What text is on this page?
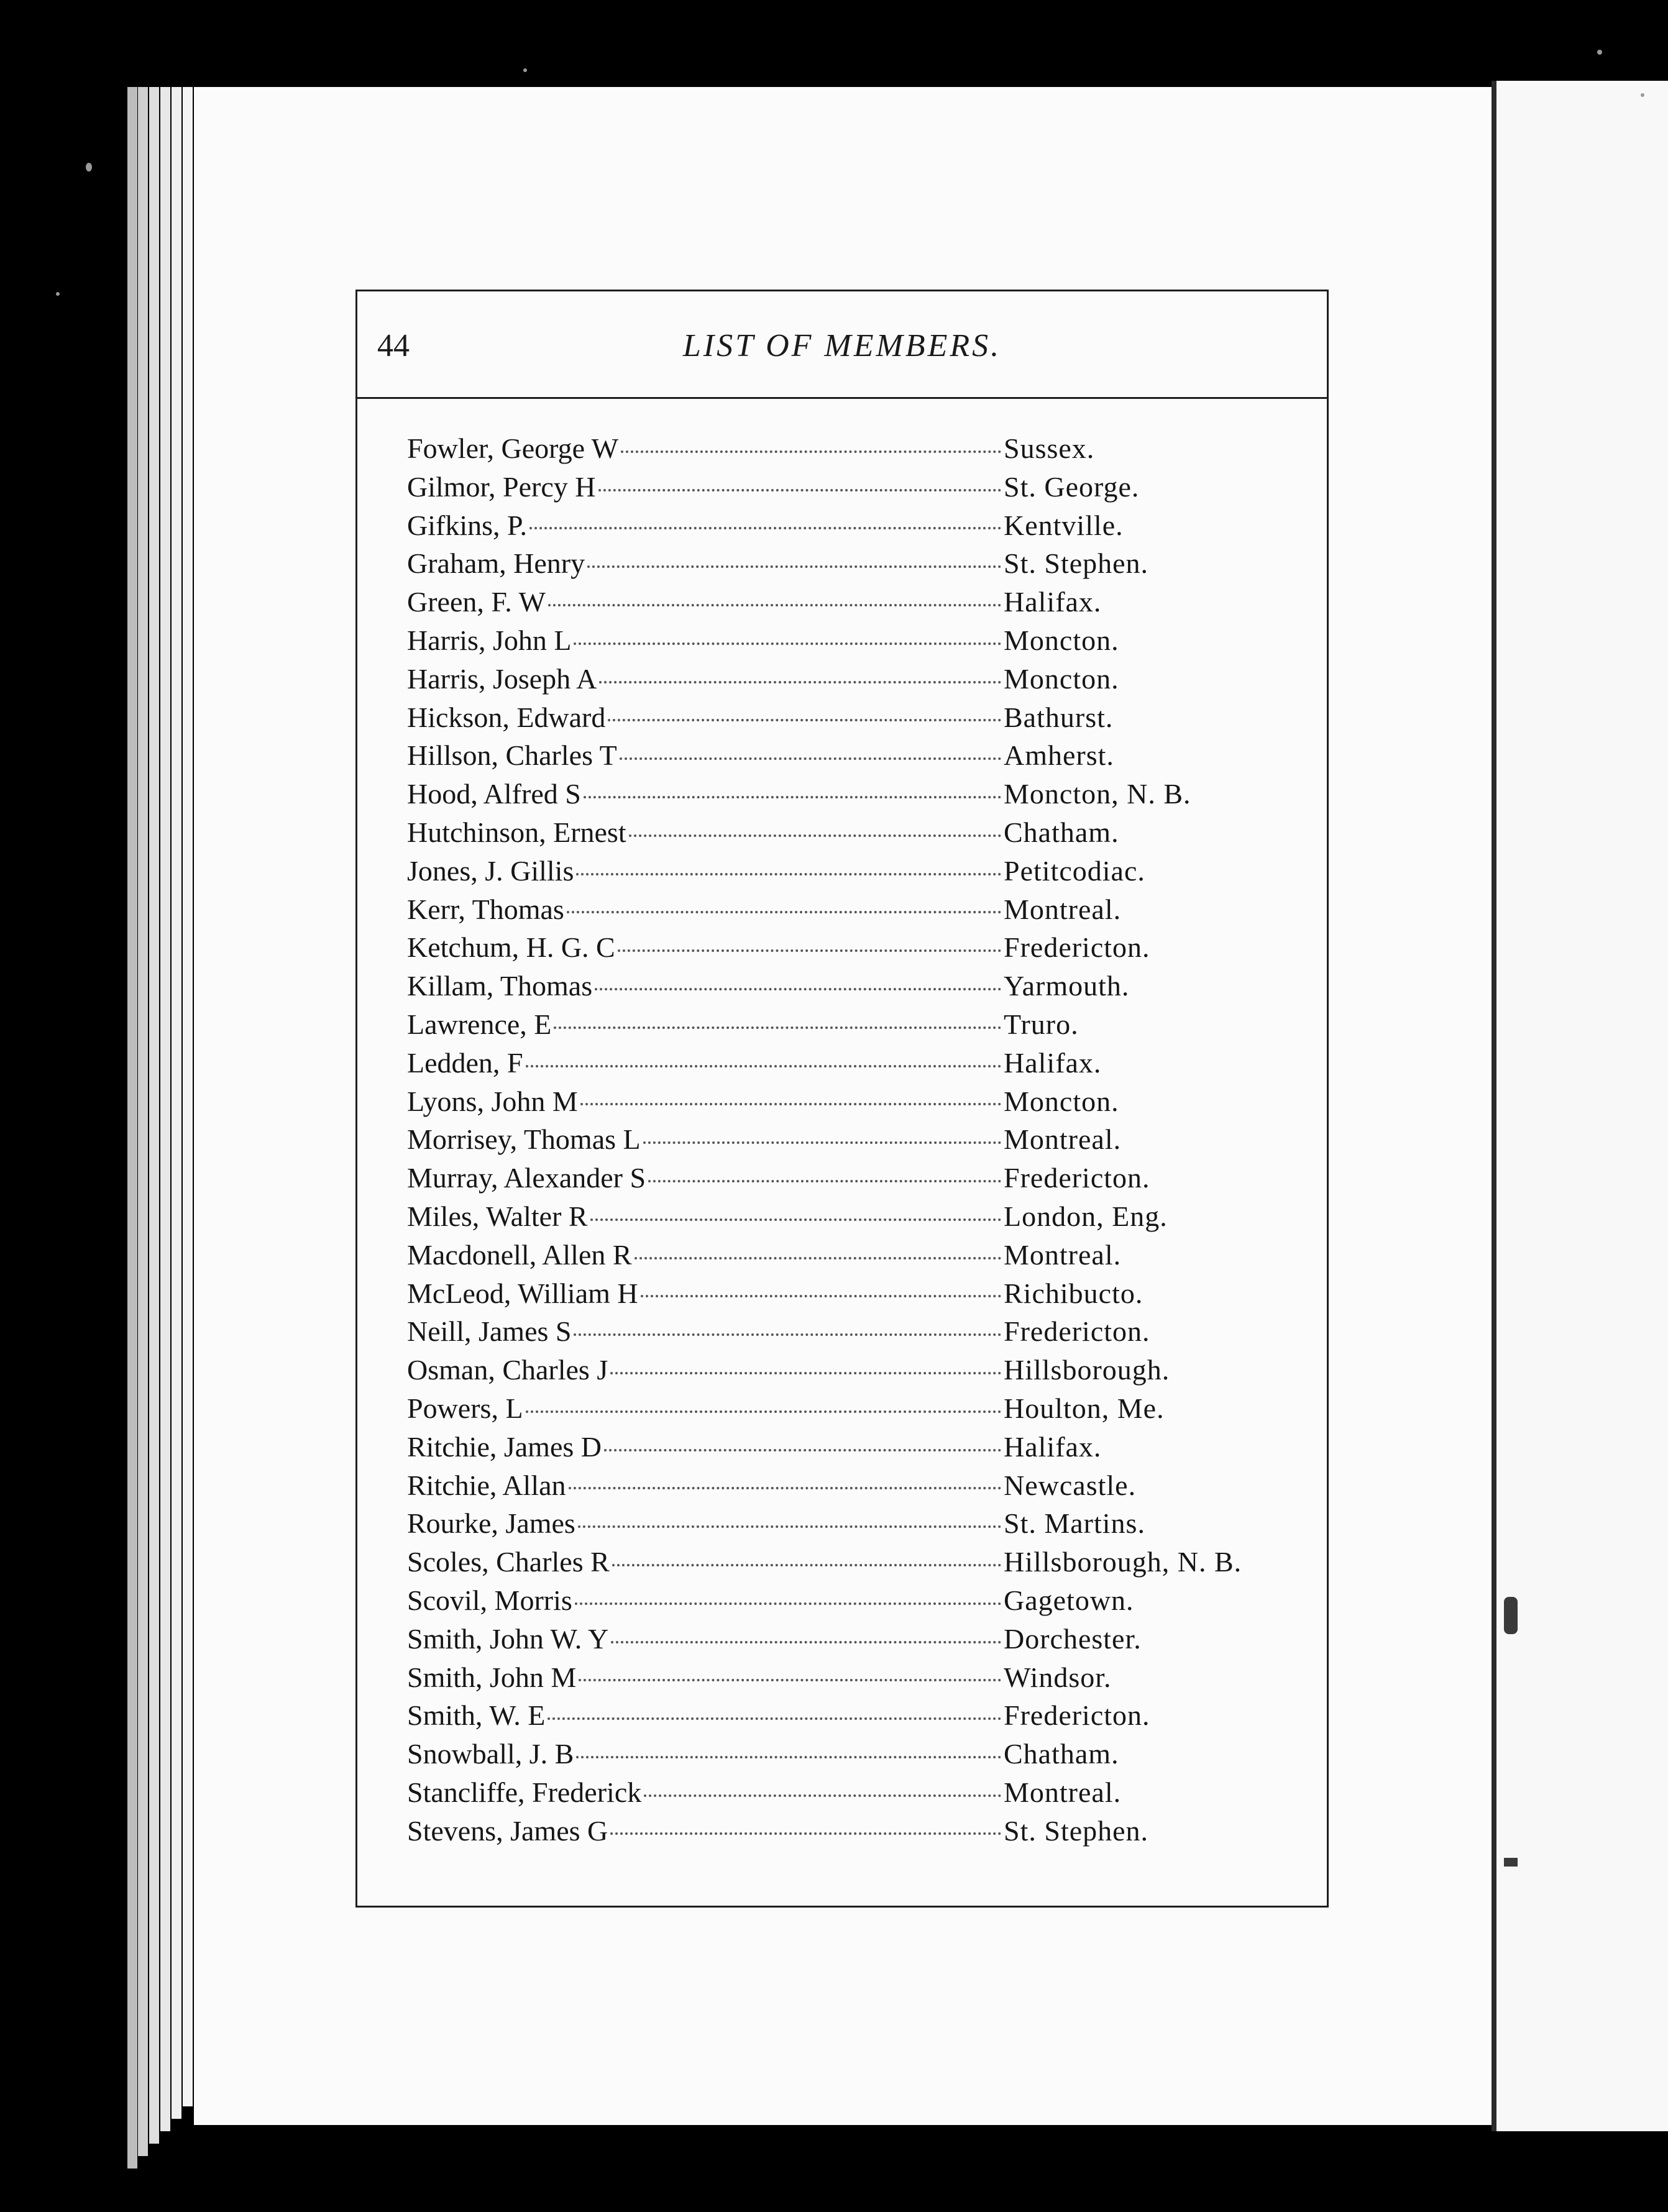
44	LIST OF MEMBERS.
Fowler, George W	Sussex.
Gilmor, Percy H	St. George.
Gifkins, P.	Kentville.
Graham, Henry	St. Stephen.
Green, F. W	Halifax.
Harris, John L	Moncton.
Harris, Joseph A	Moncton.
Hickson, Edward	Bathurst.
Hillson, Charles T	Amherst.
Hood, Alfred S	Moncton, N. B.
Hutchinson, Ernest	Chatham.
Jones, J. Gillis	Petitcodiac.
Kerr, Thomas	Montreal.
Ketchum, H. G. C	Fredericton.
Killam, Thomas	Yarmouth.
Lawrence, E	Truro.
Ledden, F	Halifax.
Lyons, John M	Moncton.
Morrisey, Thomas L	Montreal.
Murray, Alexander S	Fredericton.
Miles, Walter R	London, Eng.
Macdonell, Allen R	Montreal.
McLeod, William H	Richibucto.
Neill, James S	Fredericton.
Osman, Charles J	Hillsborough.
Powers, L	Houlton, Me.
Ritchie, James D	Halifax.
Ritchie, Allan	Newcastle.
Rourke, James	St. Martins.
Scoles, Charles R	Hillsborough, N. B.
Scovil, Morris	Gagetown.
Smith, John W. Y	Dorchester.
Smith, John M	Windsor.
Smith, W. E	Fredericton.
Snowball, J. B	Chatham.
Stancliffe, Frederick	Montreal.
Stevens, James G	St. Stephen.
